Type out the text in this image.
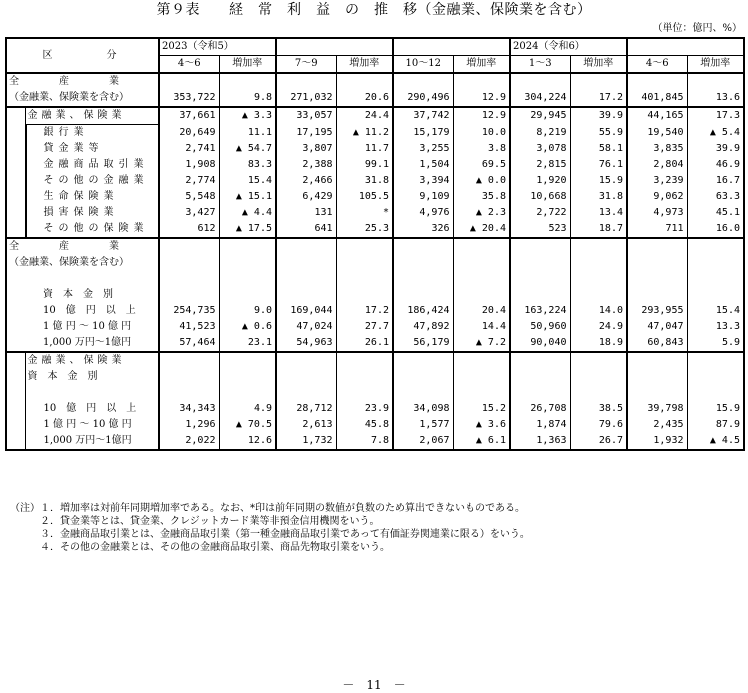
第９表　　経　常　利　益　の　推　移（金融業、保険業を含む）
（単位：億円、%）
区　　　分		2023（令和5）						2024（令和6）			
		4～6	増加率	7～9	増加率	10～12	増加率	1～3	増加率	4～6	増加率
全　　　　産　　　　業											
（金融業、保険業を含む）		353,722	9.8	271,032	20.6	290,496	12.9	304,224	17.2	401,845	13.6
	金融業、保険業	37,661	▲ 3.3	33,057	24.4	37,742	12.9	29,945	39.9	44,165	17.3
	銀行業	20,649	11.1	17,195	▲ 11.2	15,179	10.0	8,219	55.9	19,540	▲ 5.4
	貸金業等	2,741	▲ 54.7	3,807	11.7	3,255	3.8	3,078	58.1	3,835	39.9
	金融商品取引業	1,908	83.3	2,388	99.1	1,504	69.5	2,815	76.1	2,804	46.9
	その他の金融業	2,774	15.4	2,466	31.8	3,394	▲ 0.0	1,920	15.9	3,239	16.7
	生命保険業	5,548	▲ 15.1	6,429	105.5	9,109	35.8	10,668	31.8	9,062	63.3
	損害保険業	3,427	▲ 4.4	131	*	4,976	▲ 2.3	2,722	13.4	4,973	45.1
	その他の保険業	612	▲ 17.5	641	25.3	326	▲ 20.4	523	18.7	711	16.0
全　　　　産　　　　業											
（金融業、保険業を含む）											

	資　本　金　別										
	10　億　円　以　上	254,735	9.0	169,044	17.2	186,424	20.4	163,224	14.0	293,955	15.4
	1 億 円 ～ 10 億 円	41,523	▲ 0.6	47,024	27.7	47,892	14.4	50,960	24.9	47,047	13.3
	1,000 万円～1億円	57,464	23.1	54,963	26.1	56,179	▲ 7.2	90,040	18.9	60,843	5.9
	金融業、保険業										
	資　本　金　別										

	10　億　円　以　上	34,343	4.9	28,712	23.9	34,098	15.2	26,708	38.5	39,798	15.9
	1 億 円 ～ 10 億 円	1,296	▲ 70.5	2,613	45.8	1,577	▲ 3.6	1,874	79.6	2,435	87.9
	1,000 万円～1億円	2,022	12.6	1,732	7.8	2,067	▲ 6.1	1,363	26.7	1,932	▲ 4.5
（注） １．増加率は対前年同期増加率である。なお、*印は前年同期の数値が負数のため算出できないものである。
２．貸金業等とは、貸金業、クレジットカード業等非預金信用機関をいう。
３．金融商品取引業とは、金融商品取引業（第一種金融商品取引業であって有価証券関連業に限る）をいう。
４．その他の金融業とは、その他の金融商品取引業、商品先物取引業をいう。
－　11　－
